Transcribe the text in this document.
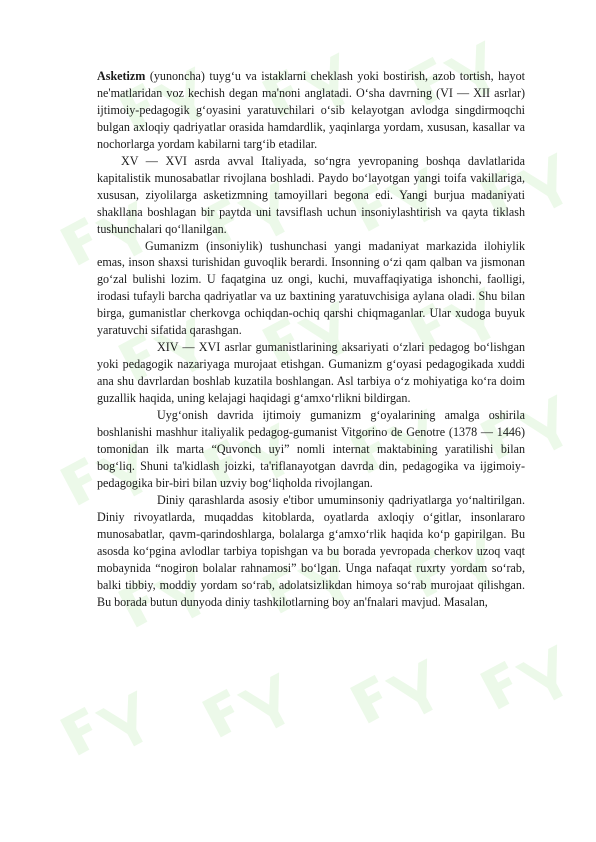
Asketizm (yunoncha) tuyg‘u va istaklarni cheklash yoki bostirish, azob tortish, hayot ne'matlaridan voz kechish degan ma'noni anglatadi. O‘sha davrning (VI — XII asrlar) ijtimoiy-pedagogik g‘oyasini yaratuvchilari o‘sib kelayotgan avlodga singdirmoqchi bulgan axloqiy qadriyatlar orasida hamdardlik, yaqinlarga yordam, xususan, kasallar va nochorlarga yordam kabilarni targ‘ib etadilar.

XV — XVI asrda avval Italiyada, so‘ngra yevropaning boshqa davlatlarida kapitalistik munosabatlar rivojlana boshladi. Paydo bo‘layotgan yangi toifa vakillariga, xususan, ziyolilarga asketizmning tamoyillari begona edi. Yangi burjua madaniyati shakllana boshlagan bir paytda uni tavsiflash uchun insoniylashtirish va qayta tiklash tushunchalari qo‘llanilgan.

Gumanizm (insoniylik) tushunchasi yangi madaniyat markazida ilohiylik emas, inson shaxsi turishidan guvoqlik berardi. Insonning o‘zi qam qalban va jismonan go‘zal bulishi lozim. U faqatgina uz ongi, kuchi, muvaffaqiyatiga ishonchi, faolligi, irodasi tufayli barcha qadriyatlar va uz baxtining yaratuvchisiga aylana oladi. Shu bilan birga, gumanistlar cherkovga ochiqdan-ochiq qarshi chiqmaganlar. Ular xudoga buyuk yaratuvchi sifatida qarashgan.

XIV — XVI asrlar gumanistlarining aksariyati o‘zlari pedagog bo‘lishgan yoki pedagogik nazariyaga murojaat etishgan. Gumanizm g‘oyasi pedagogikada xuddi ana shu davrlardan boshlab kuzatila boshlangan. Asl tarbiya o‘z mohiyatiga ko‘ra doim guzallik haqida, uning kelajagi haqidagi g‘amxo‘rlikni bildirgan.

Uyg‘onish davrida ijtimoiy gumanizm g‘oyalarining amalga oshirila boshlanishi mashhur italiyalik pedagog-gumanist Vitgorino de Genotre (1378 — 1446) tomonidan ilk marta “Quvonch uyi” nomli internat maktabining yaratilishi bilan bog‘liq. Shuni ta'kidlash joizki, ta'riflanayotgan davrda din, pedagogika va ijgimoiy-pedagogika bir-biri bilan uzviy bog‘liqholda rivojlangan.

Diniy qarashlarda asosiy e'tibor umuminsoniy qadriyatlarga yo‘naltirilgan. Diniy rivoyatlarda, muqaddas kitoblarda, oyatlarda axloqiy o‘gitlar, insonlararo munosabatlar, qavm-qarindoshlarga, bolalarga g‘amxo‘rlik haqida ko‘p gapirilgan. Bu asosda ko‘pgina avlodlar tarbiya topishgan va bu borada yevropada cherkov uzoq vaqt mobaynida “nogiron bolalar rahnamosi” bo‘lgan. Unga nafaqat ruxrty yordam so‘rab, balki tibbiy, moddiy yordam so‘rab, adolatsizlikdan himoya so‘rab murojaat qilishgan. Bu borada butun dunyoda diniy tashkilotlarning boy an'fnalari mavjud. Masalan,
